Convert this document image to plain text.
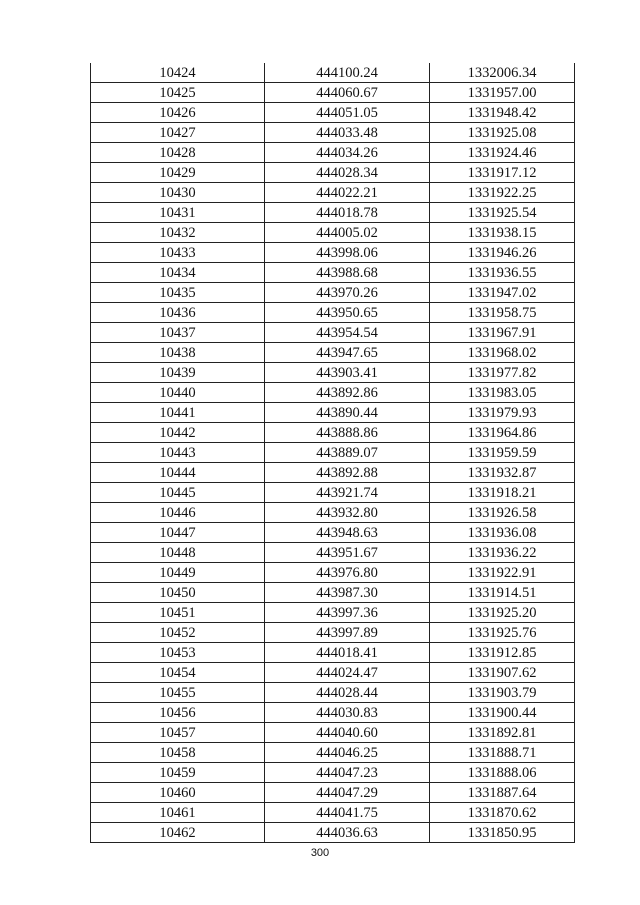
10424	444100.24	1332006.34
10425	444060.67	1331957.00
10426	444051.05	1331948.42
10427	444033.48	1331925.08
10428	444034.26	1331924.46
10429	444028.34	1331917.12
10430	444022.21	1331922.25
10431	444018.78	1331925.54
10432	444005.02	1331938.15
10433	443998.06	1331946.26
10434	443988.68	1331936.55
10435	443970.26	1331947.02
10436	443950.65	1331958.75
10437	443954.54	1331967.91
10438	443947.65	1331968.02
10439	443903.41	1331977.82
10440	443892.86	1331983.05
10441	443890.44	1331979.93
10442	443888.86	1331964.86
10443	443889.07	1331959.59
10444	443892.88	1331932.87
10445	443921.74	1331918.21
10446	443932.80	1331926.58
10447	443948.63	1331936.08
10448	443951.67	1331936.22
10449	443976.80	1331922.91
10450	443987.30	1331914.51
10451	443997.36	1331925.20
10452	443997.89	1331925.76
10453	444018.41	1331912.85
10454	444024.47	1331907.62
10455	444028.44	1331903.79
10456	444030.83	1331900.44
10457	444040.60	1331892.81
10458	444046.25	1331888.71
10459	444047.23	1331888.06
10460	444047.29	1331887.64
10461	444041.75	1331870.62
10462	444036.63	1331850.95
300
